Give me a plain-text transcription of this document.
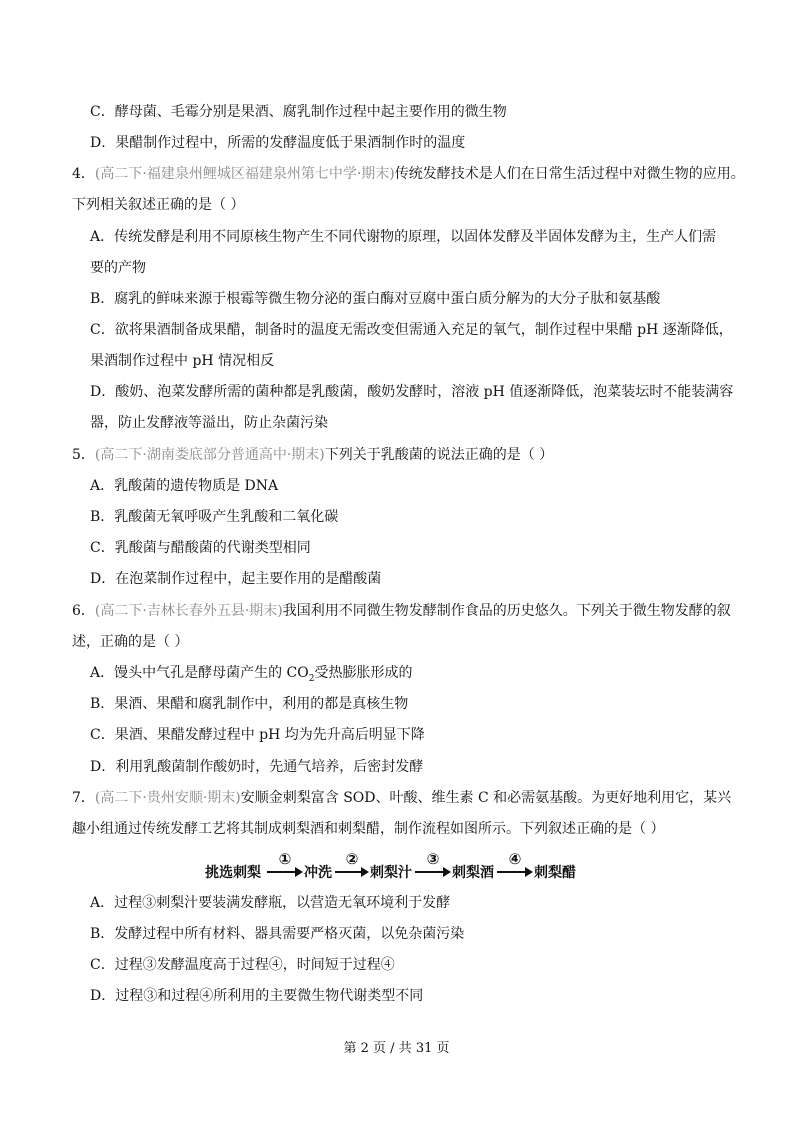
C．酵母菌、毛霉分别是果酒、腐乳制作过程中起主要作用的微生物
D．果醋制作过程中，所需的发酵温度低于果酒制作时的温度
4．(高二下·福建泉州鲤城区福建泉州第七中学·期末)传统发酵技术是人们在日常生活过程中对微生物的应用。
下列相关叙述正确的是（ ）
A．传统发酵是利用不同原核生物产生不同代谢物的原理，以固体发酵及半固体发酵为主，生产人们需
要的产物
B．腐乳的鲜味来源于根霉等微生物分泌的蛋白酶对豆腐中蛋白质分解为的大分子肽和氨基酸
C．欲将果酒制备成果醋，制备时的温度无需改变但需通入充足的氧气，制作过程中果醋 pH 逐渐降低，
果酒制作过程中 pH 情况相反
D．酸奶、泡菜发酵所需的菌种都是乳酸菌，酸奶发酵时，溶液 pH 值逐渐降低，泡菜装坛时不能装满容
器，防止发酵液等溢出，防止杂菌污染
5．(高二下·湖南娄底部分普通高中·期末)下列关于乳酸菌的说法正确的是（ ）
A．乳酸菌的遗传物质是 DNA
B．乳酸菌无氧呼吸产生乳酸和二氧化碳
C．乳酸菌与醋酸菌的代谢类型相同
D．在泡菜制作过程中，起主要作用的是醋酸菌
6．(高二下·吉林长春外五县·期末)我国利用不同微生物发酵制作食品的历史悠久。下列关于微生物发酵的叙
述，正确的是（ ）
A．馒头中气孔是酵母菌产生的 $CO_2$受热膨胀形成的
B．果酒、果醋和腐乳制作中，利用的都是真核生物
C．果酒、果醋发酵过程中 pH 均为先升高后明显下降
D．利用乳酸菌制作酸奶时，先通气培养，后密封发酵
7．(高二下·贵州安顺·期末)安顺金刺梨富含 SOD、叶酸、维生素 C 和必需氨基酸。为更好地利用它，某兴
趣小组通过传统发酵工艺将其制成刺梨酒和刺梨醋，制作流程如图所示。下列叙述正确的是（ ）
挑选刺梨
①
冲洗
②
刺梨汁
③
刺梨酒
④
刺梨醋
A．过程③刺梨汁要装满发酵瓶，以营造无氧环境利于发酵
B．发酵过程中所有材料、器具需要严格灭菌，以免杂菌污染
C．过程③发酵温度高于过程④，时间短于过程④
D．过程③和过程④所利用的主要微生物代谢类型不同
第 2 页 / 共 31 页
